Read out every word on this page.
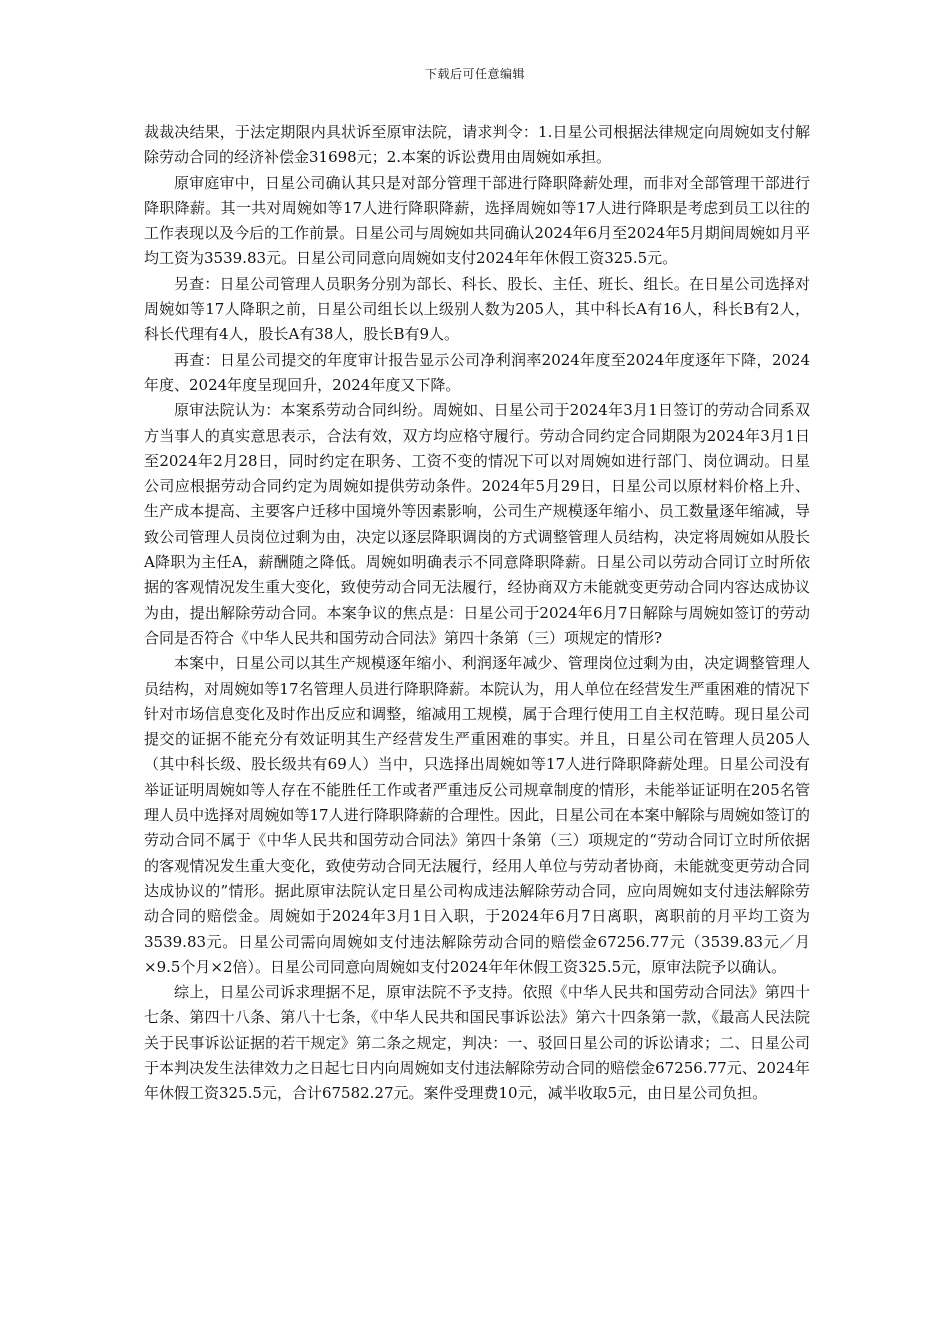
下载后可任意编辑

裁裁决结果，于法定期限内具状诉至原审法院，请求判令：1.日星公司根据法律规定向周婉如支付解除劳动合同的经济补偿金31698元；2.本案的诉讼费用由周婉如承担。

原审庭审中，日星公司确认其只是对部分管理干部进行降职降薪处理，而非对全部管理干部进行降职降薪。其一共对周婉如等17人进行降职降薪，选择周婉如等17人进行降职是考虑到员工以往的工作表现以及今后的工作前景。日星公司与周婉如共同确认2024年6月至2024年5月期间周婉如月平均工资为3539.83元。日星公司同意向周婉如支付2024年年休假工资325.5元。

另查：日星公司管理人员职务分别为部长、科长、股长、主任、班长、组长。在日星公司选择对周婉如等17人降职之前，日星公司组长以上级别人数为205人，其中科长A有16人，科长B有2人，科长代理有4人，股长A有38人，股长B有9人。

再查：日星公司提交的年度审计报告显示公司净利润率2024年度至2024年度逐年下降，2024年度、2024年度呈现回升，2024年度又下降。

原审法院认为：本案系劳动合同纠纷。周婉如、日星公司于2024年3月1日签订的劳动合同系双方当事人的真实意思表示，合法有效，双方均应格守履行。劳动合同约定合同期限为2024年3月1日至2024年2月28日，同时约定在职务、工资不变的情况下可以对周婉如进行部门、岗位调动。日星公司应根据劳动合同约定为周婉如提供劳动条件。2024年5月29日，日星公司以原材料价格上升、生产成本提高、主要客户迁移中国境外等因素影响，公司生产规模逐年缩小、员工数量逐年缩减，导致公司管理人员岗位过剩为由，决定以逐层降职调岗的方式调整管理人员结构，决定将周婉如从股长A降职为主任A，薪酬随之降低。周婉如明确表示不同意降职降薪。日星公司以劳动合同订立时所依据的客观情况发生重大变化，致使劳动合同无法履行，经协商双方未能就变更劳动合同内容达成协议为由，提出解除劳动合同。本案争议的焦点是：日星公司于2024年6月7日解除与周婉如签订的劳动合同是否符合《中华人民共和国劳动合同法》第四十条第（三）项规定的情形?

本案中，日星公司以其生产规模逐年缩小、利润逐年减少、管理岗位过剩为由，决定调整管理人员结构，对周婉如等17名管理人员进行降职降薪。本院认为，用人单位在经营发生严重困难的情况下针对市场信息变化及时作出反应和调整，缩减用工规模，属于合理行使用工自主权范畴。现日星公司提交的证据不能充分有效证明其生产经营发生严重困难的事实。并且，日星公司在管理人员205人（其中科长级、股长级共有69人）当中，只选择出周婉如等17人进行降职降薪处理。日星公司没有举证证明周婉如等人存在不能胜任工作或者严重违反公司规章制度的情形，未能举证证明在205名管理人员中选择对周婉如等17人进行降职降薪的合理性。因此，日星公司在本案中解除与周婉如签订的劳动合同不属于《中华人民共和国劳动合同法》第四十条第（三）项规定的“劳动合同订立时所依据的客观情况发生重大变化，致使劳动合同无法履行，经用人单位与劳动者协商，未能就变更劳动合同达成协议的”情形。据此原审法院认定日星公司构成违法解除劳动合同，应向周婉如支付违法解除劳动合同的赔偿金。周婉如于2024年3月1日入职，于2024年6月7日离职，离职前的月平均工资为3539.83元。日星公司需向周婉如支付违法解除劳动合同的赔偿金67256.77元（3539.83元／月×9.5个月×2倍）。日星公司同意向周婉如支付2024年年休假工资325.5元，原审法院予以确认。

综上，日星公司诉求理据不足，原审法院不予支持。依照《中华人民共和国劳动合同法》第四十七条、第四十八条、第八十七条，《中华人民共和国民事诉讼法》第六十四条第一款，《最高人民法院关于民事诉讼证据的若干规定》第二条之规定，判决：一、驳回日星公司的诉讼请求；二、日星公司于本判决发生法律效力之日起七日内向周婉如支付违法解除劳动合同的赔偿金67256.77元、2024年年休假工资325.5元，合计67582.27元。案件受理费10元，减半收取5元，由日星公司负担。
